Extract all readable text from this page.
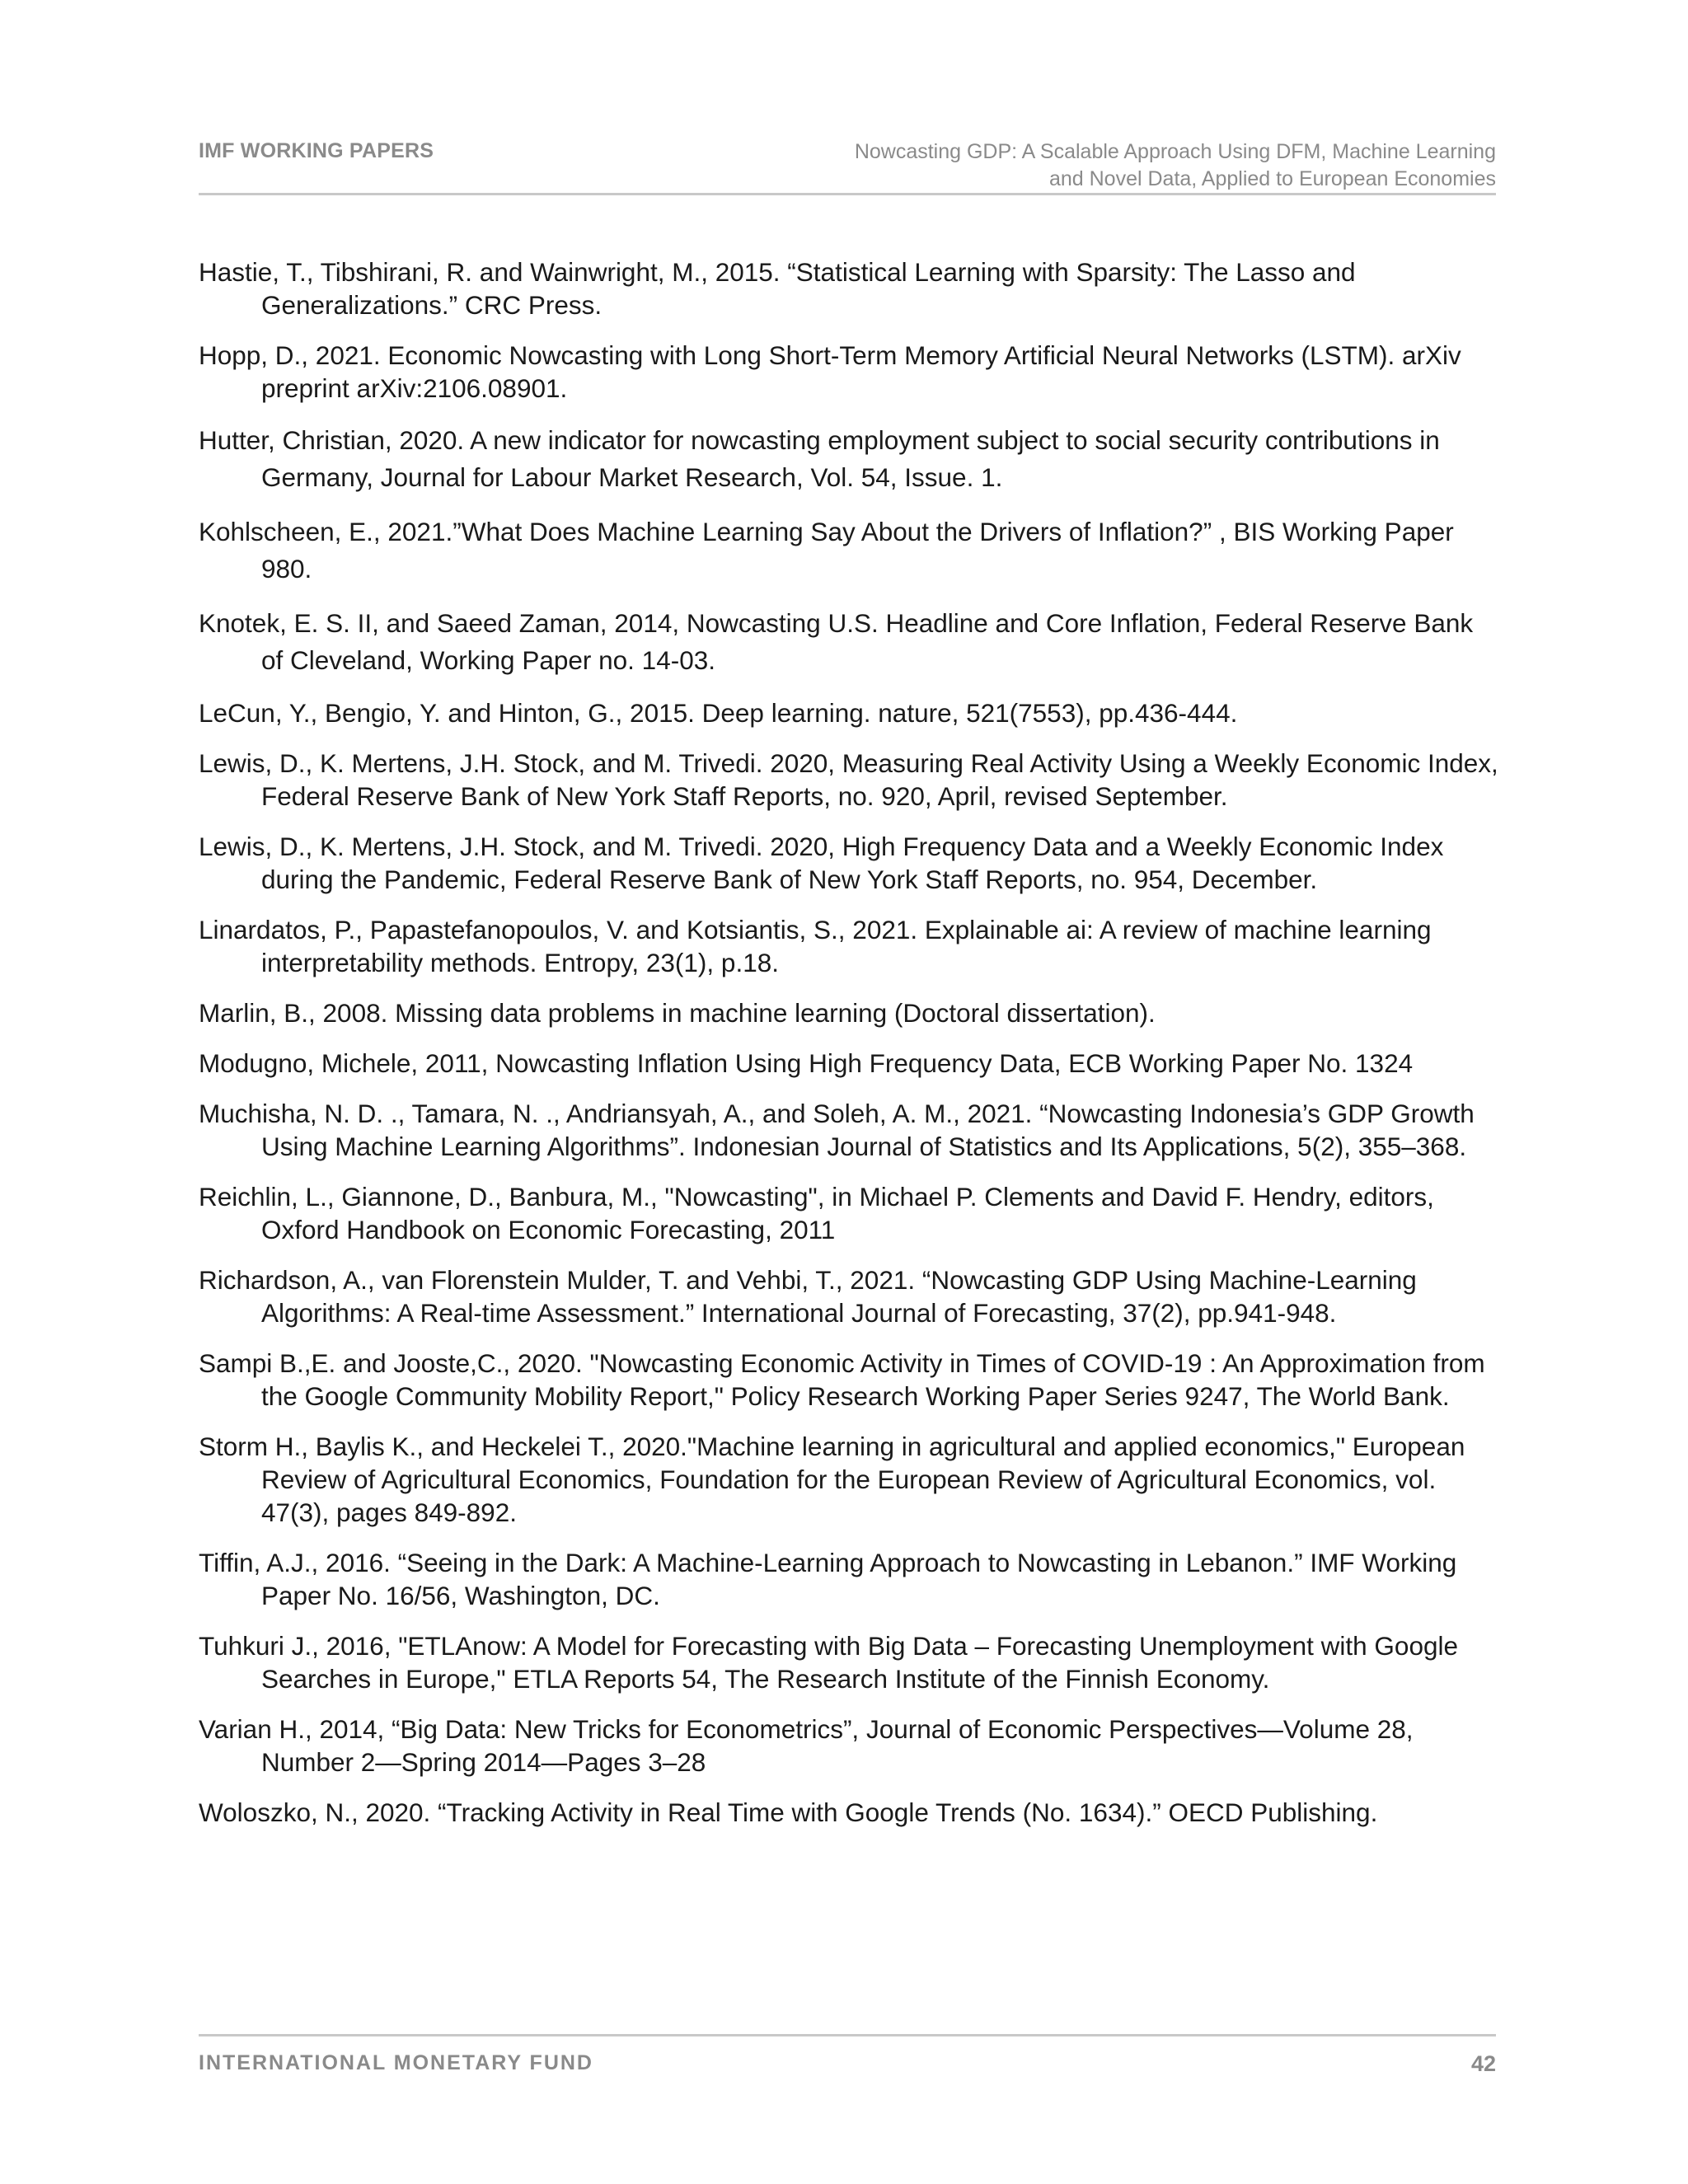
IMF WORKING PAPERS	Nowcasting GDP: A Scalable Approach Using DFM, Machine Learning
and Novel Data, Applied to European Economies

Hastie, T., Tibshirani, R. and Wainwright, M., 2015. “Statistical Learning with Sparsity: The Lasso and Generalizations.” CRC Press.

Hopp, D., 2021. Economic Nowcasting with Long Short-Term Memory Artificial Neural Networks (LSTM). arXiv preprint arXiv:2106.08901.

Hutter, Christian, 2020. A new indicator for nowcasting employment subject to social security contributions in Germany, Journal for Labour Market Research, Vol. 54, Issue. 1.

Kohlscheen, E., 2021.”What Does Machine Learning Say About the Drivers of Inflation?” , BIS Working Paper 980.

Knotek, E. S. II, and Saeed Zaman, 2014, Nowcasting U.S. Headline and Core Inflation, Federal Reserve Bank of Cleveland, Working Paper no. 14-03.

LeCun, Y., Bengio, Y. and Hinton, G., 2015. Deep learning. nature, 521(7553), pp.436-444.

Lewis, D., K. Mertens, J.H. Stock, and M. Trivedi. 2020, Measuring Real Activity Using a Weekly Economic Index, Federal Reserve Bank of New York Staff Reports, no. 920, April, revised September.

Lewis, D., K. Mertens, J.H. Stock, and M. Trivedi. 2020, High Frequency Data and a Weekly Economic Index during the Pandemic, Federal Reserve Bank of New York Staff Reports, no. 954, December.

Linardatos, P., Papastefanopoulos, V. and Kotsiantis, S., 2021. Explainable ai: A review of machine learning interpretability methods. Entropy, 23(1), p.18.

Marlin, B., 2008. Missing data problems in machine learning (Doctoral dissertation).

Modugno, Michele, 2011, Nowcasting Inflation Using High Frequency Data, ECB Working Paper No. 1324

Muchisha, N. D. ., Tamara, N. ., Andriansyah, A., and Soleh, A. M., 2021. “Nowcasting Indonesia’s GDP Growth Using Machine Learning Algorithms”. Indonesian Journal of Statistics and Its Applications, 5(2), 355–368.

Reichlin, L., Giannone, D., Banbura, M., "Nowcasting", in Michael P. Clements and David F. Hendry, editors, Oxford Handbook on Economic Forecasting, 2011

Richardson, A., van Florenstein Mulder, T. and Vehbi, T., 2021. “Nowcasting GDP Using Machine-Learning Algorithms: A Real-time Assessment.” International Journal of Forecasting, 37(2), pp.941-948.

Sampi B.,E. and Jooste,C., 2020. "Nowcasting Economic Activity in Times of COVID-19 : An Approximation from the Google Community Mobility Report," Policy Research Working Paper Series 9247, The World Bank.

Storm H., Baylis K., and Heckelei T., 2020."Machine learning in agricultural and applied economics," European Review of Agricultural Economics, Foundation for the European Review of Agricultural Economics, vol. 47(3), pages 849-892.

Tiffin, A.J., 2016. “Seeing in the Dark: A Machine-Learning Approach to Nowcasting in Lebanon.” IMF Working Paper No. 16/56, Washington, DC.

Tuhkuri J., 2016, "ETLAnow: A Model for Forecasting with Big Data – Forecasting Unemployment with Google Searches in Europe," ETLA Reports 54, The Research Institute of the Finnish Economy.

Varian H., 2014, “Big Data: New Tricks for Econometrics”, Journal of Economic Perspectives—Volume 28, Number 2—Spring 2014—Pages 3–28

Woloszko, N., 2020. “Tracking Activity in Real Time with Google Trends (No. 1634).” OECD Publishing.

INTERNATIONAL MONETARY FUND	42
